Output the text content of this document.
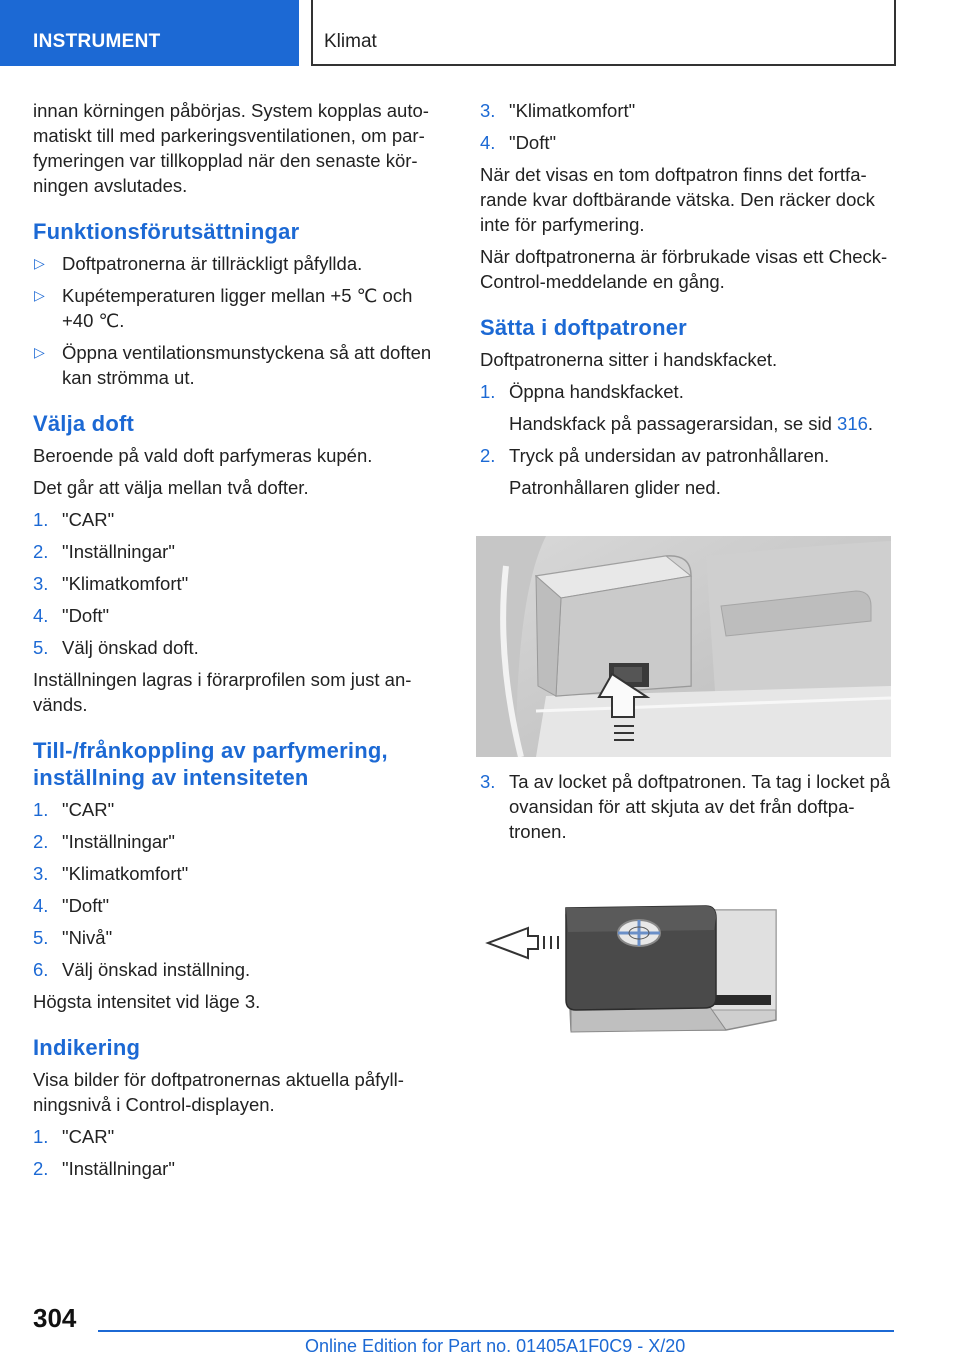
INSTRUMENT	Klimat
innan körningen påbörjas. System kopplas auto-matiskt till med parkeringsventilationen, om par-fymeringen var tillkopplad när den senaste kör-ningen avslutades.
Funktionsförutsättningar
▷ Doftpatronerna är tillräckligt påfyllda.
▷ Kupétemperaturen ligger mellan +5 ℃ och +40 ℃.
▷ Öppna ventilationsmunstyckena så att doften kan strömma ut.
Välja doft
Beroende på vald doft parfymeras kupén.
Det går att välja mellan två dofter.
1. "CAR"
2. "Inställningar"
3. "Klimatkomfort"
4. "Doft"
5. Välj önskad doft.
Inställningen lagras i förarprofilen som just an-vänds.
Till-/frånkoppling av parfymering, inställning av intensiteten
1. "CAR"
2. "Inställningar"
3. "Klimatkomfort"
4. "Doft"
5. "Nivå"
6. Välj önskad inställning.
Högsta intensitet vid läge 3.
Indikering
Visa bilder för doftpatronernas aktuella påfyll-ningsnivå i Control-displayen.
1. "CAR"
2. "Inställningar"
3. "Klimatkomfort"
4. "Doft"
När det visas en tom doftpatron finns det fortfa-rande kvar doftbärande vätska. Den räcker dock inte för parfymering.
När doftpatronerna är förbrukade visas ett Check-Control-meddelande en gång.
Sätta i doftpatroner
Doftpatronerna sitter i handskfacket.
1. Öppna handskfacket.
Handskfack på passagerarsidan, se sid 316.
2. Tryck på undersidan av patronhållaren.
Patronhållaren glider ned.
3. Ta av locket på doftpatronen. Ta tag i locket på ovansidan för att skjuta av det från doftpa-tronen.
304
Online Edition for Part no. 01405A1F0C9 - X/20
